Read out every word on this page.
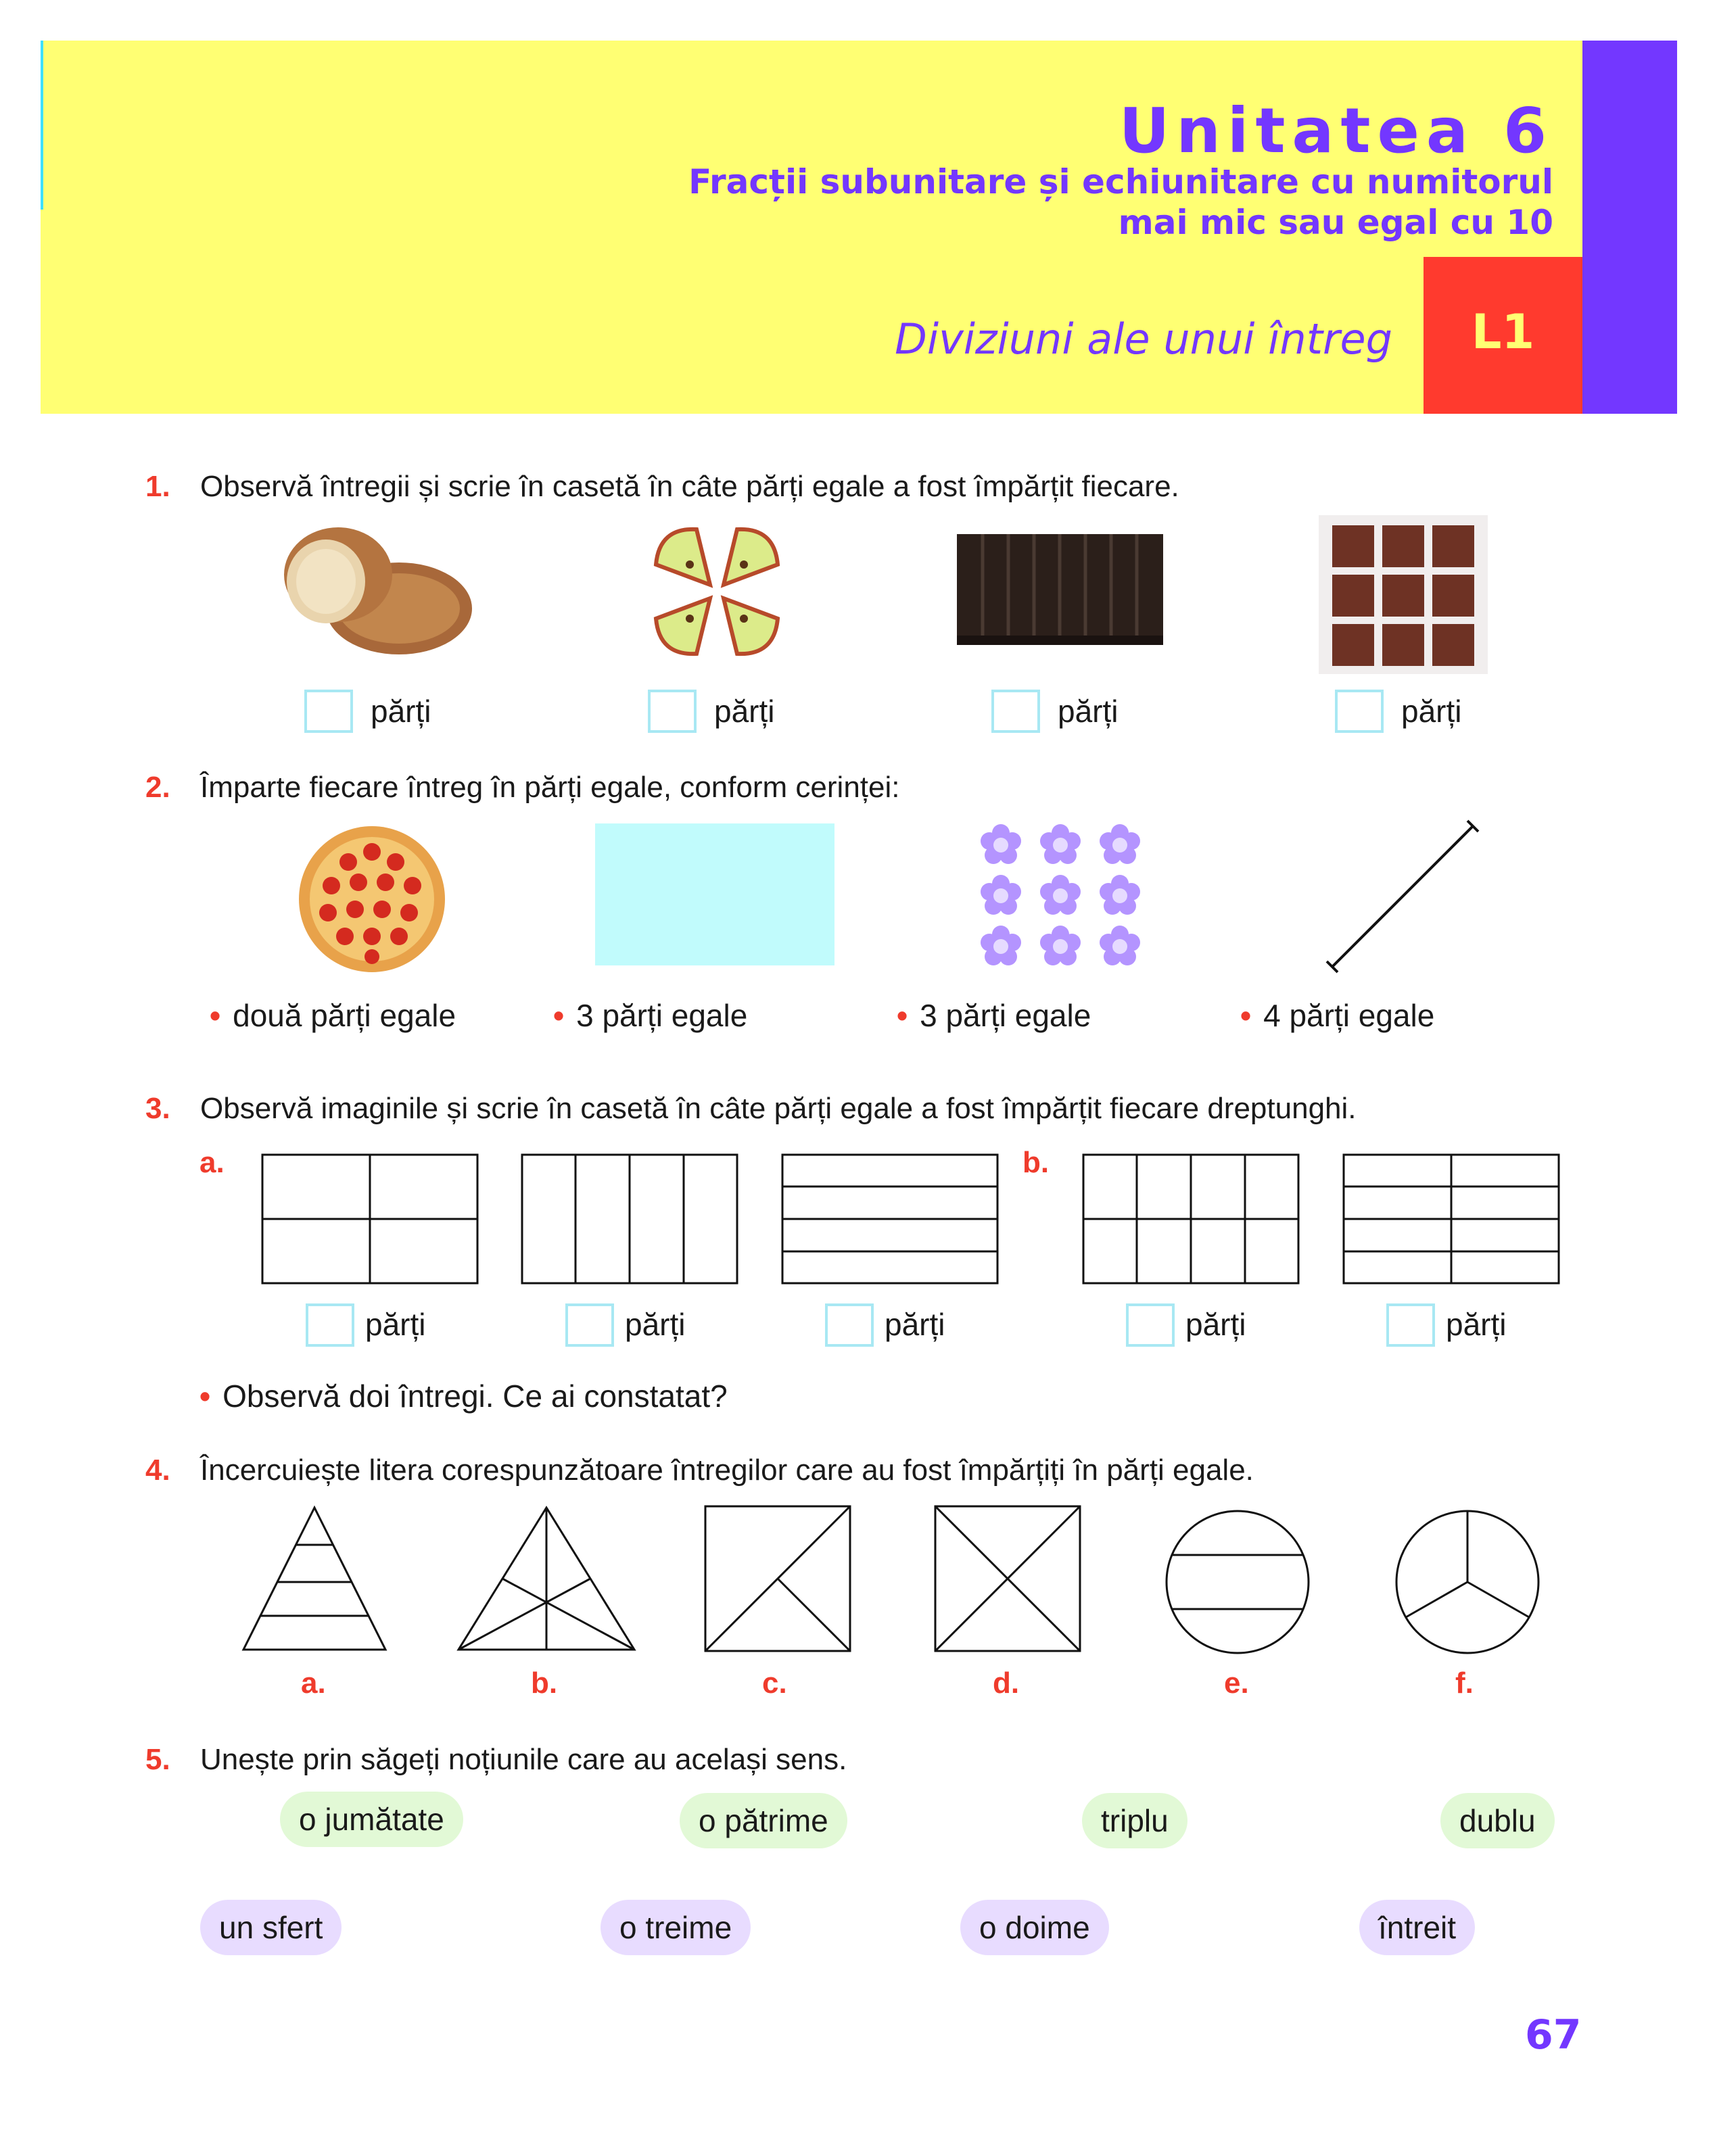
L1
Unitatea 6
Fracții subunitare și echiunitare cu numitorul
mai mic sau egal cu 10
Diviziuni ale unui întreg
1. Observă întregii și scrie în casetă în câte părți egale a fost împărțit fiecare.
părți	părți	părți	părți
2. Împarte fiecare întreg în părți egale, conform cerinței:
• două părți egale	• 3 părți egale	• 3 părți egale	• 4 părți egale
3. Observă imaginile și scrie în casetă în câte părți egale a fost împărțit fiecare dreptunghi.
a.	b.
părți	părți	părți	părți	părți
• Observă doi întregi. Ce ai constatat?
4. Încercuiește litera corespunzătoare întregilor care au fost împărțiți în părți egale.
a.	b.	c.	d.	e.	f.
5. Unește prin săgeți noțiunile care au același sens.
o jumătate	o pătrime	triplu	dublu
un sfert	o treime	o doime	întreit
67
